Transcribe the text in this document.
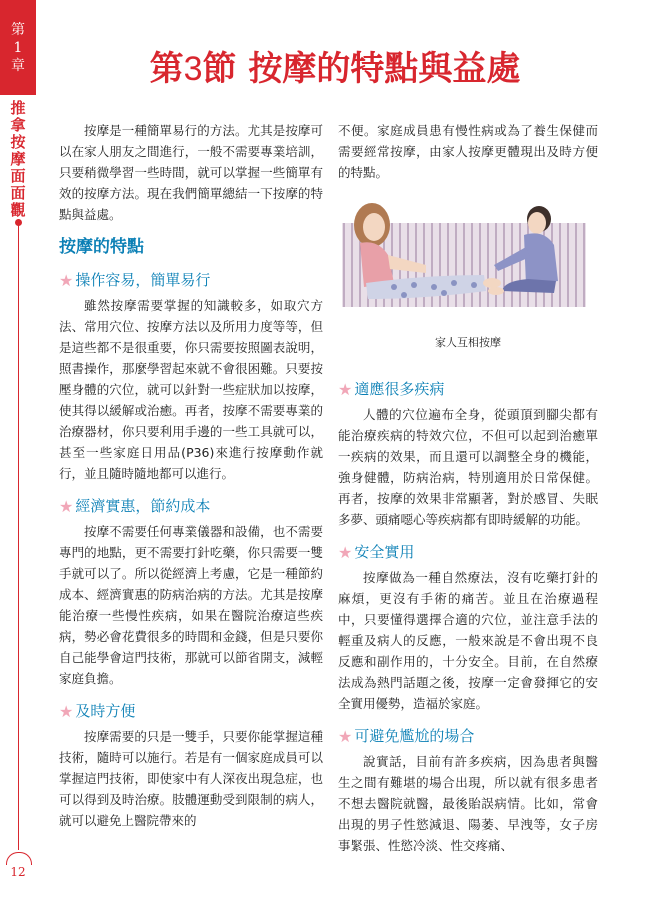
第
1
章
推拿按摩面面觀
12
第3節 按摩的特點與益處

按摩是一種簡單易行的方法。尤其是按摩可以在家人朋友之間進行，一般不需要專業培訓，只要稍微學習一些時間，就可以掌握一些簡單有效的按摩方法。現在我們簡單總結一下按摩的特點與益處。

按摩的特點
★ 操作容易，簡單易行

雖然按摩需要掌握的知識較多，如取穴方法、常用穴位、按摩方法以及所用力度等等，但是這些都不是很重要，你只需要按照圖表說明，照書操作，那麼學習起來就不會很困難。只要按壓身體的穴位，就可以針對一些症狀加以按摩，使其得以緩解或治癒。再者，按摩不需要專業的治療器材，你只要利用手邊的一些工具就可以，甚至一些家庭日用品(P36)來進行按摩動作就行，並且隨時隨地都可以進行。

★ 經濟實惠，節約成本

按摩不需要任何專業儀器和設備，也不需要專門的地點，更不需要打針吃藥，你只需要一雙手就可以了。所以從經濟上考慮，它是一種節約成本、經濟實惠的防病治病的方法。尤其是按摩能治療一些慢性疾病，如果在醫院治療這些疾病，勢必會花費很多的時間和金錢，但是只要你自己能學會這門技術，那就可以節省開支，減輕家庭負擔。

★ 及時方便

按摩需要的只是一雙手，只要你能掌握這種技術，隨時可以施行。若是有一個家庭成員可以掌握這門技術，即使家中有人深夜出現急症，也可以得到及時治療。肢體運動受到限制的病人，就可以避免上醫院帶來的

不便。家庭成員患有慢性病或為了養生保健而需要經常按摩，由家人按摩更體現出及時方便的特點。

家人互相按摩
★ 適應很多疾病

人體的穴位遍布全身，從頭頂到腳尖都有能治療疾病的特效穴位，不但可以起到治癒單一疾病的效果，而且還可以調整全身的機能，強身健體，防病治病，特別適用於日常保健。再者，按摩的效果非常顯著，對於感冒、失眠多夢、頭痛噁心等疾病都有即時緩解的功能。

★ 安全實用

按摩做為一種自然療法，沒有吃藥打針的麻煩，更沒有手術的痛苦。並且在治療過程中，只要懂得選擇合適的穴位，並注意手法的輕重及病人的反應，一般來說是不會出現不良反應和副作用的，十分安全。目前，在自然療法成為熱門話題之後，按摩一定會發揮它的安全實用優勢，造福於家庭。

★ 可避免尷尬的場合

說實話，目前有許多疾病，因為患者與醫生之間有難堪的場合出現，所以就有很多患者不想去醫院就醫，最後貽誤病情。比如，常會出現的男子性慾減退、陽萎、早洩等，女子房事緊張、性慾冷淡、性交疼痛、
